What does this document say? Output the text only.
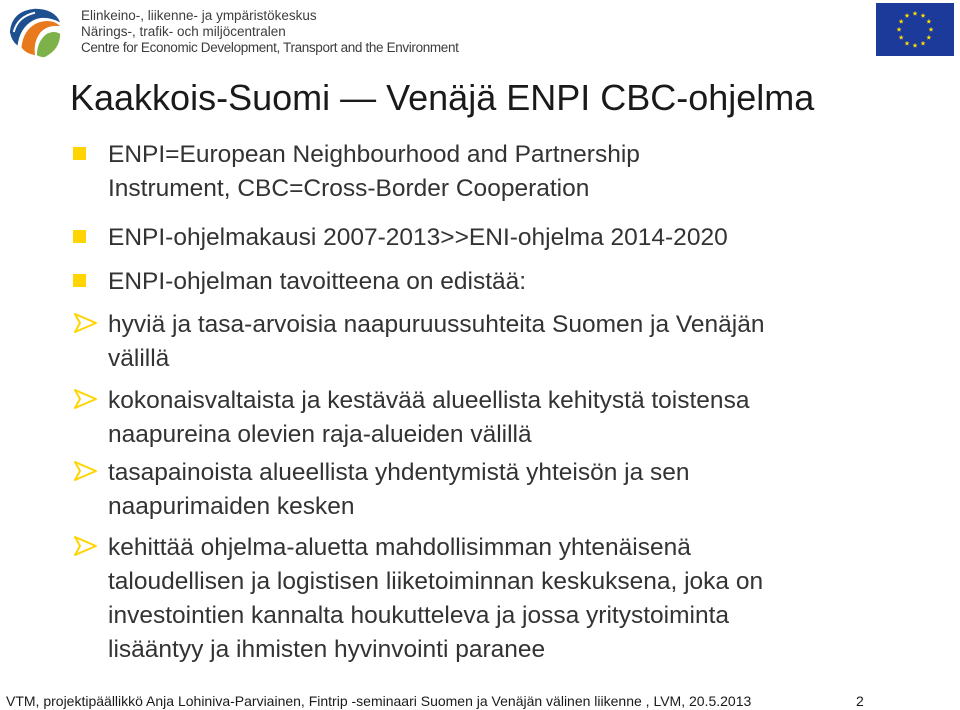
Elinkeino-, liikenne- ja ympäristökeskus
Närings-, trafik- och miljöcentralen
Centre for Economic Development, Transport and the Environment
Kaakkois-Suomi — Venäjä ENPI CBC-ohjelma
ENPI=European Neighbourhood and Partnership
Instrument, CBC=Cross-Border Cooperation
ENPI-ohjelmakausi 2007-2013>>ENI-ohjelma 2014-2020
ENPI-ohjelman tavoitteena on edistää:
hyviä ja tasa-arvoisia naapuruussuhteita Suomen ja Venäjän
välillä
kokonaisvaltaista ja kestävää alueellista kehitystä toistensa
naapureina olevien raja-alueiden välillä
tasapainoista alueellista yhdentymistä yhteisön ja sen
naapurimaiden kesken
kehittää ohjelma-aluetta mahdollisimman yhtenäisenä
taloudellisen ja logistisen liiketoiminnan keskuksena, joka on
investointien kannalta houkutteleva ja jossa yritystoiminta
lisääntyy ja ihmisten hyvinvointi paranee
VTM, projektipäällikkö Anja Lohiniva-Parviainen, Fintrip -seminaari Suomen ja Venäjän välinen liikenne , LVM, 20.5.2013	2
